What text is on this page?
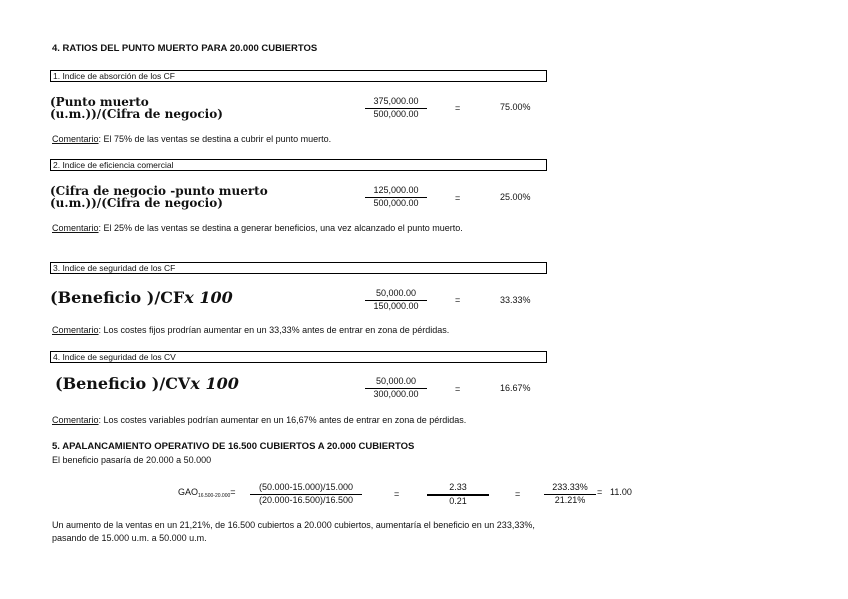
4. RATIOS DEL PUNTO MUERTO PARA 20.000 CUBIERTOS
1. Indice de absorción de los CF
(Punto muerto
(u.m.))/(Cifra de negocio)	$\frac{375,000.00}{500,000.00}$	=	75.00%
Comentario: El 75% de las ventas se destina a cubrir el punto muerto.
2. Indice de eficiencia comercial
(Cifra de negocio -punto muerto
(u.m.))/(Cifra de negocio)	$\frac{125,000.00}{500,000.00}$	=	25.00%
Comentario: El 25% de las ventas se destina a generar beneficios, una vez alcanzado el punto muerto.
3. Indice de seguridad de los CF
(Beneficio )/CFx 100	$\frac{50,000.00}{150,000.00}$	=	33.33%
Comentario: Los costes fijos prodrían aumentar en un 33,33% antes de entrar en zona de pérdidas.
4. Indice de seguridad de los CV
(Beneficio )/CVx 100	$\frac{50,000.00}{300,000.00}$	=	16.67%
Comentario: Los costes variables podrían aumentar en un 16,67% antes de entrar en zona de pérdidas.
5. APALANCAMIENTO OPERATIVO DE 16.500 CUBIERTOS A 20.000 CUBIERTOS
El beneficio pasaría de 20.000 a 50.000
$GAO_{16.500-20.000}= \frac{(50.000-15.000)/15.000}{(20.000-16.500)/16.500}$	=	$\frac{2.33}{0.21}$	=	$\frac{233.33\%}{21.21\%} = 11.00$
Un aumento de la ventas en un 21,21%, de 16.500 cubiertos a 20.000 cubiertos, aumentaría el beneficio en un 233,33%,
pasando de 15.000 u.m. a 50.000 u.m.
